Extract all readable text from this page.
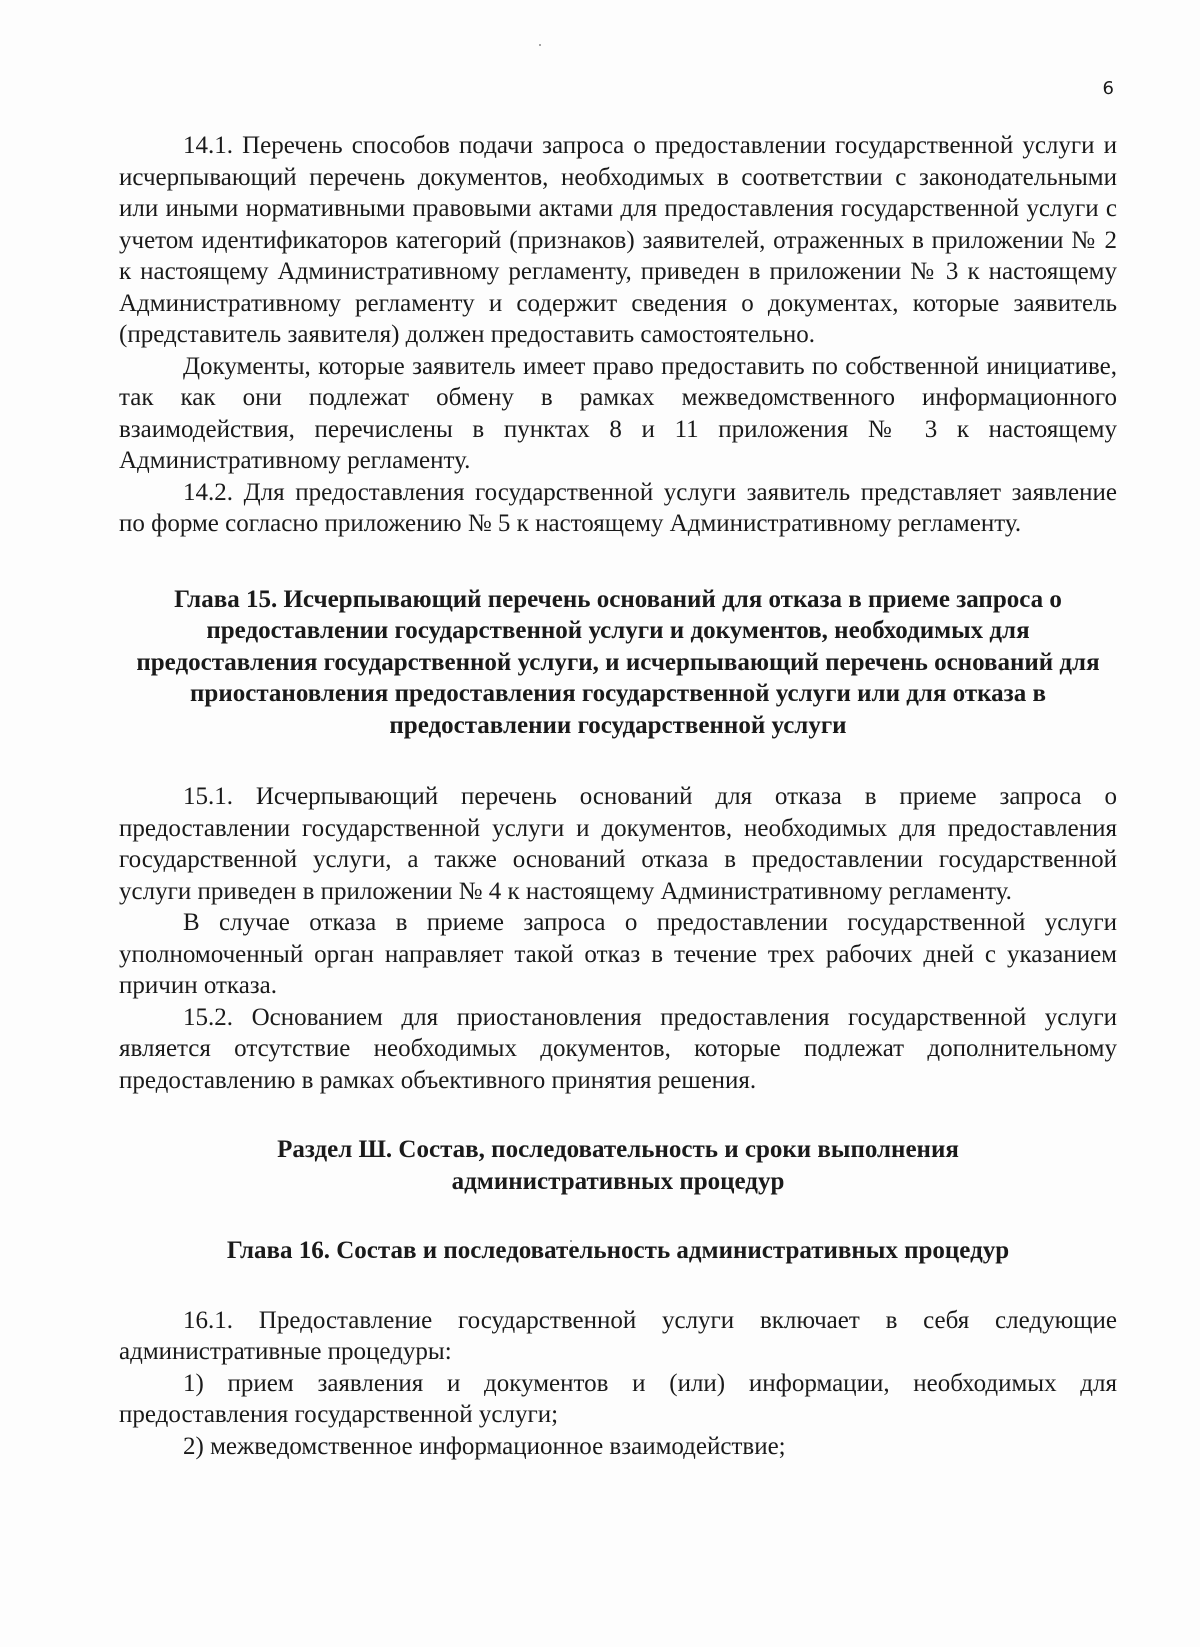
6

14.1. Перечень способов подачи запроса о предоставлении государственной услуги и исчерпывающий перечень документов, необходимых в соответствии с законодательными или иными нормативными правовыми актами для предоставления государственной услуги с учетом идентификаторов категорий (признаков) заявителей, отраженных в приложении № 2 к настоящему Административному регламенту, приведен в приложении № 3 к настоящему Административному регламенту и содержит сведения о документах, которые заявитель (представитель заявителя) должен предоставить самостоятельно.

Документы, которые заявитель имеет право предоставить по собственной инициативе, так как они подлежат обмену в рамках межведомственного информационного взаимодействия, перечислены в пунктах 8 и 11 приложения № 3 к настоящему Административному регламенту.

14.2. Для предоставления государственной услуги заявитель представляет заявление по форме согласно приложению № 5 к настоящему Административному регламенту.

Глава 15. Исчерпывающий перечень оснований для отказа в приеме запроса о предоставлении государственной услуги и документов, необходимых для предоставления государственной услуги, и исчерпывающий перечень оснований для приостановления предоставления государственной услуги или для отказа в предоставлении государственной услуги

15.1. Исчерпывающий перечень оснований для отказа в приеме запроса о предоставлении государственной услуги и документов, необходимых для предоставления государственной услуги, а также оснований отказа в предоставлении государственной услуги приведен в приложении № 4 к настоящему Административному регламенту.

В случае отказа в приеме запроса о предоставлении государственной услуги уполномоченный орган направляет такой отказ в течение трех рабочих дней с указанием причин отказа.

15.2. Основанием для приостановления предоставления государственной услуги является отсутствие необходимых документов, которые подлежат дополнительному предоставлению в рамках объективного принятия решения.

Раздел Ш. Состав, последовательность и сроки выполнения административных процедур
Глава 16. Состав и последовательность административных процедур

16.1. Предоставление государственной услуги включает в себя следующие административные процедуры:

1) прием заявления и документов и (или) информации, необходимых для предоставления государственной услуги;

2) межведомственное информационное взаимодействие;
